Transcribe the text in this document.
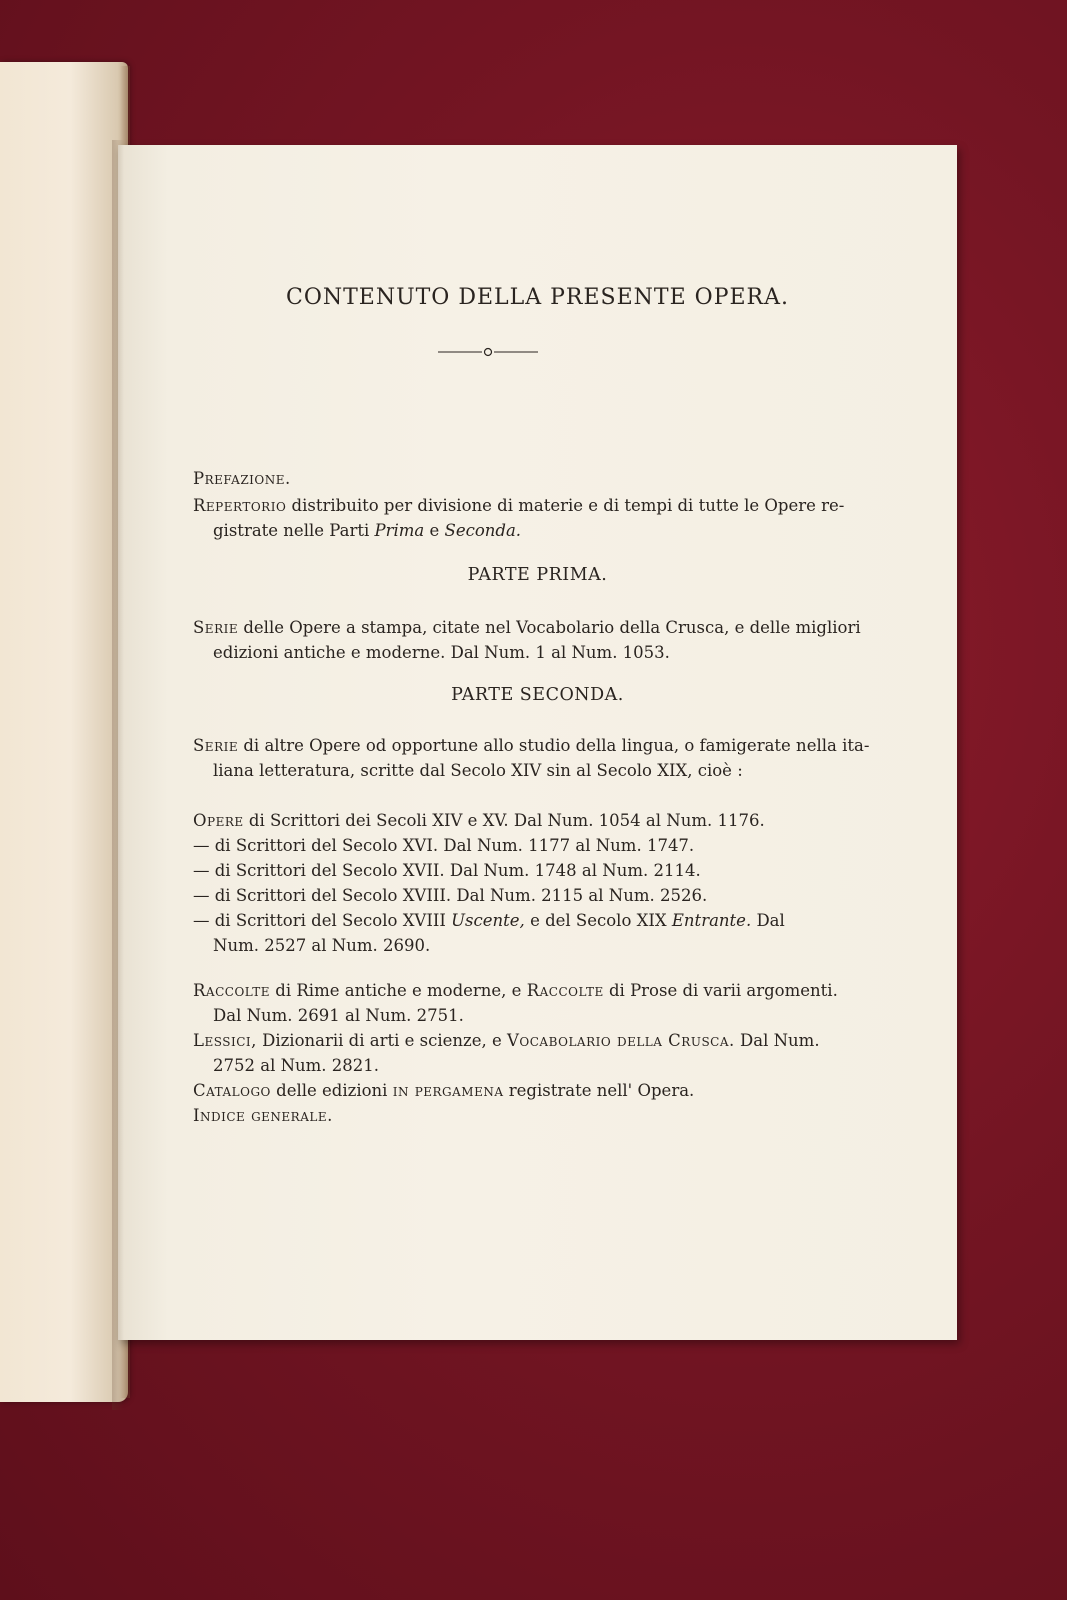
CONTENUTO DELLA PRESENTE OPERA.
Prefazione.
Repertorio distribuito per divisione di materie e di tempi di tutte le Opere re-
gistrate nelle Parti Prima e Seconda.
PARTE PRIMA.
Serie delle Opere a stampa, citate nel Vocabolario della Crusca, e delle migliori
edizioni antiche e moderne. Dal Num. 1 al Num. 1053.
PARTE SECONDA.
Serie di altre Opere od opportune allo studio della lingua, o famigerate nella ita-
liana letteratura, scritte dal Secolo XIV sin al Secolo XIX, cioè :
Opere di Scrittori dei Secoli XIV e XV. Dal Num. 1054 al Num. 1176.
— di Scrittori del Secolo XVI. Dal Num. 1177 al Num. 1747.
— di Scrittori del Secolo XVII. Dal Num. 1748 al Num. 2114.
— di Scrittori del Secolo XVIII. Dal Num. 2115 al Num. 2526.
— di Scrittori del Secolo XVIII Uscente, e del Secolo XIX Entrante. Dal
Num. 2527 al Num. 2690.
Raccolte di Rime antiche e moderne, e Raccolte di Prose di varii argomenti.
Dal Num. 2691 al Num. 2751.
Lessici, Dizionarii di arti e scienze, e Vocabolario della Crusca. Dal Num.
2752 al Num. 2821.
Catalogo delle edizioni in pergamena registrate nell' Opera.
Indice generale.
